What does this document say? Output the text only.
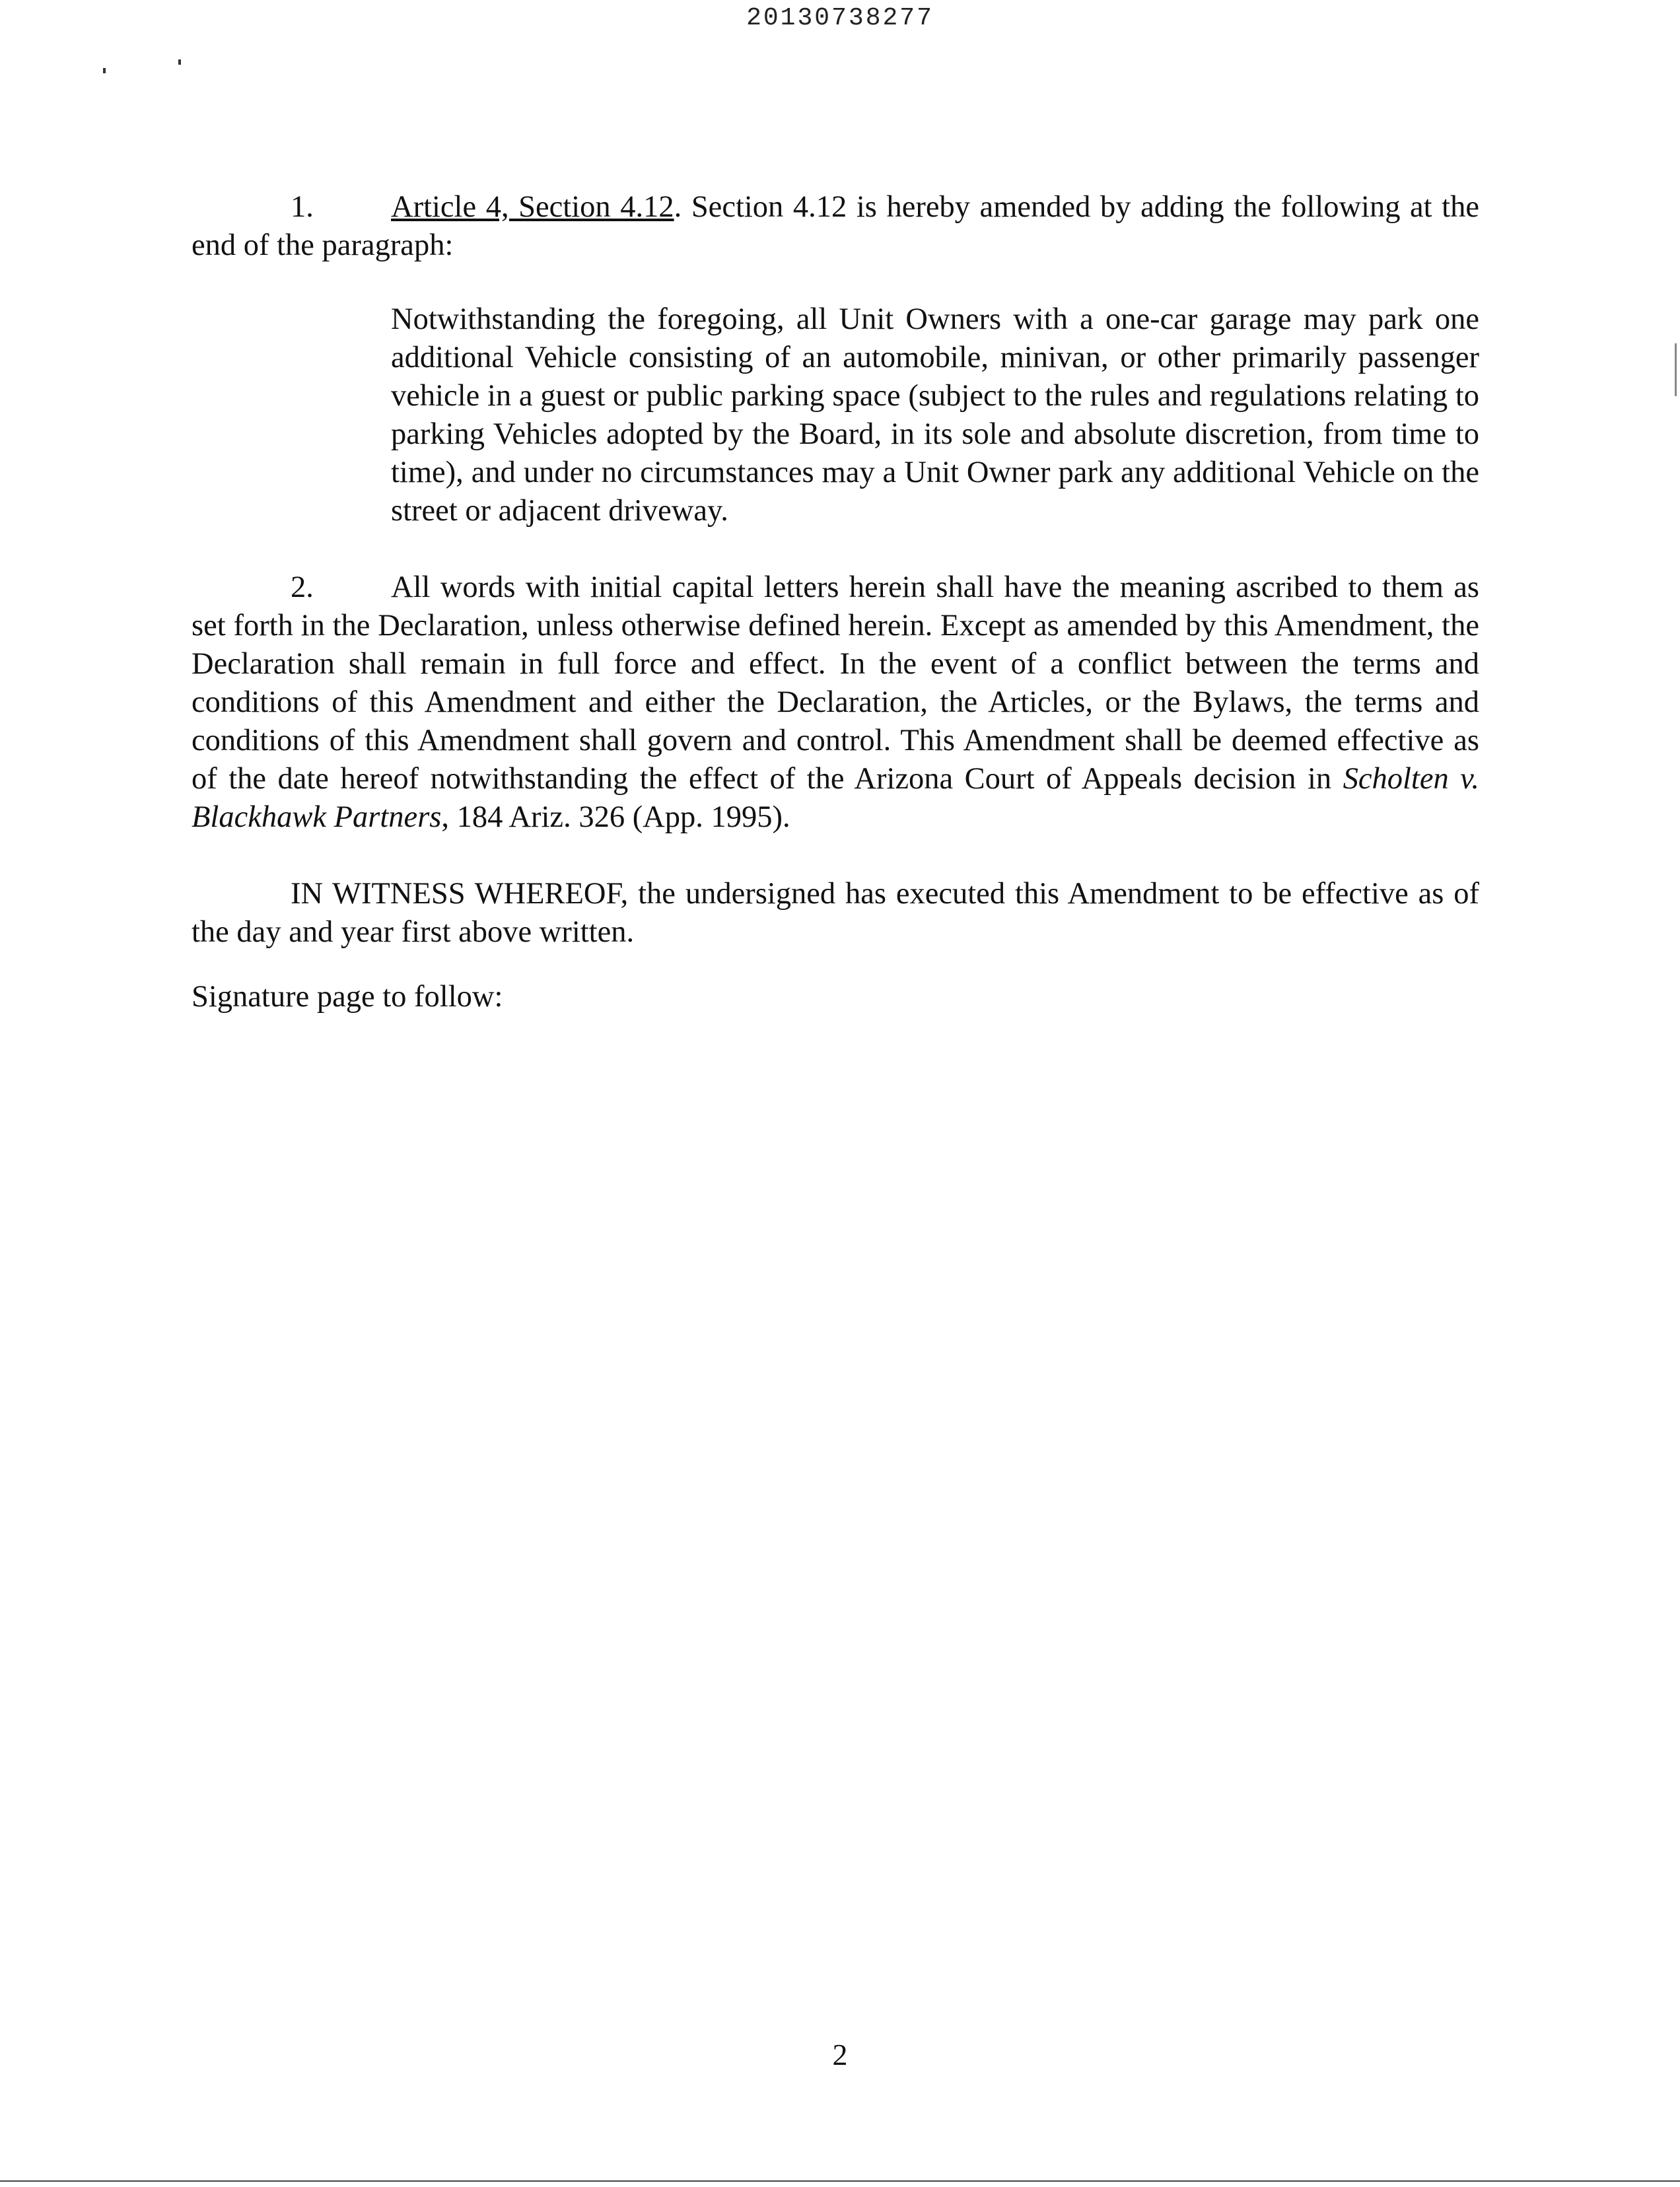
20130738277

1.	Article 4, Section 4.12. Section 4.12 is hereby amended by adding the following at the end of the paragraph:

Notwithstanding the foregoing, all Unit Owners with a one-car garage may park one additional Vehicle consisting of an automobile, minivan, or other primarily passenger vehicle in a guest or public parking space (subject to the rules and regulations relating to parking Vehicles adopted by the Board, in its sole and absolute discretion, from time to time), and under no circumstances may a Unit Owner park any additional Vehicle on the street or adjacent driveway.

2.	All words with initial capital letters herein shall have the meaning ascribed to them as set forth in the Declaration, unless otherwise defined herein. Except as amended by this Amendment, the Declaration shall remain in full force and effect. In the event of a conflict between the terms and conditions of this Amendment and either the Declaration, the Articles, or the Bylaws, the terms and conditions of this Amendment shall govern and control. This Amendment shall be deemed effective as of the date hereof notwithstanding the effect of the Arizona Court of Appeals decision in Scholten v. Blackhawk Partners, 184 Ariz. 326 (App. 1995).

IN WITNESS WHEREOF, the undersigned has executed this Amendment to be effective as of the day and year first above written.

Signature page to follow:

2
